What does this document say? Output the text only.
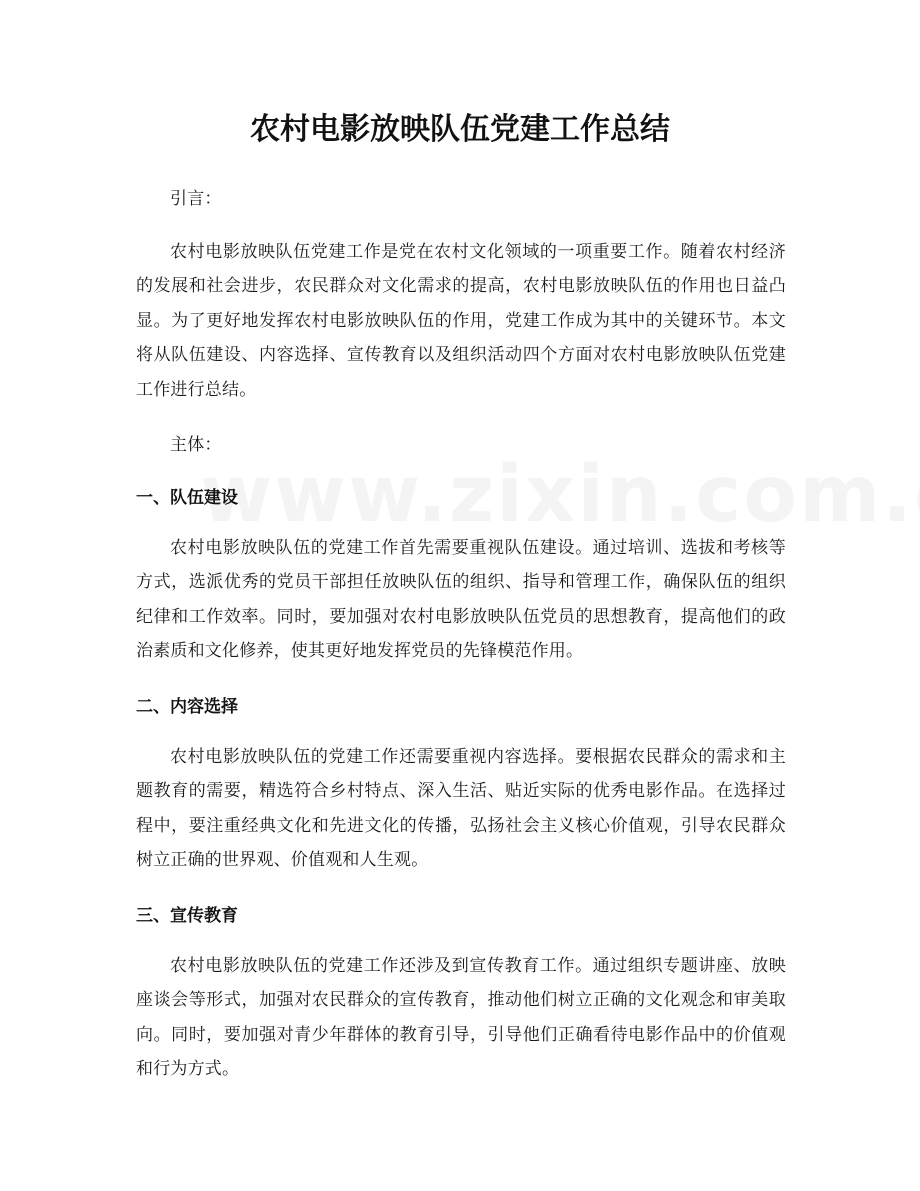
农村电影放映队伍党建工作总结

引言：

农村电影放映队伍党建工作是党在农村文化领域的一项重要工作。随着农村经济的发展和社会进步，农民群众对文化需求的提高，农村电影放映队伍的作用也日益凸显。为了更好地发挥农村电影放映队伍的作用，党建工作成为其中的关键环节。本文将从队伍建设、内容选择、宣传教育以及组织活动四个方面对农村电影放映队伍党建工作进行总结。

主体：

一、队伍建设

农村电影放映队伍的党建工作首先需要重视队伍建设。通过培训、选拔和考核等方式，选派优秀的党员干部担任放映队伍的组织、指导和管理工作，确保队伍的组织纪律和工作效率。同时，要加强对农村电影放映队伍党员的思想教育，提高他们的政治素质和文化修养，使其更好地发挥党员的先锋模范作用。

二、内容选择

农村电影放映队伍的党建工作还需要重视内容选择。要根据农民群众的需求和主题教育的需要，精选符合乡村特点、深入生活、贴近实际的优秀电影作品。在选择过程中，要注重经典文化和先进文化的传播，弘扬社会主义核心价值观，引导农民群众树立正确的世界观、价值观和人生观。

三、宣传教育

农村电影放映队伍的党建工作还涉及到宣传教育工作。通过组织专题讲座、放映座谈会等形式，加强对农民群众的宣传教育，推动他们树立正确的文化观念和审美取向。同时，要加强对青少年群体的教育引导，引导他们正确看待电影作品中的价值观和行为方式。
